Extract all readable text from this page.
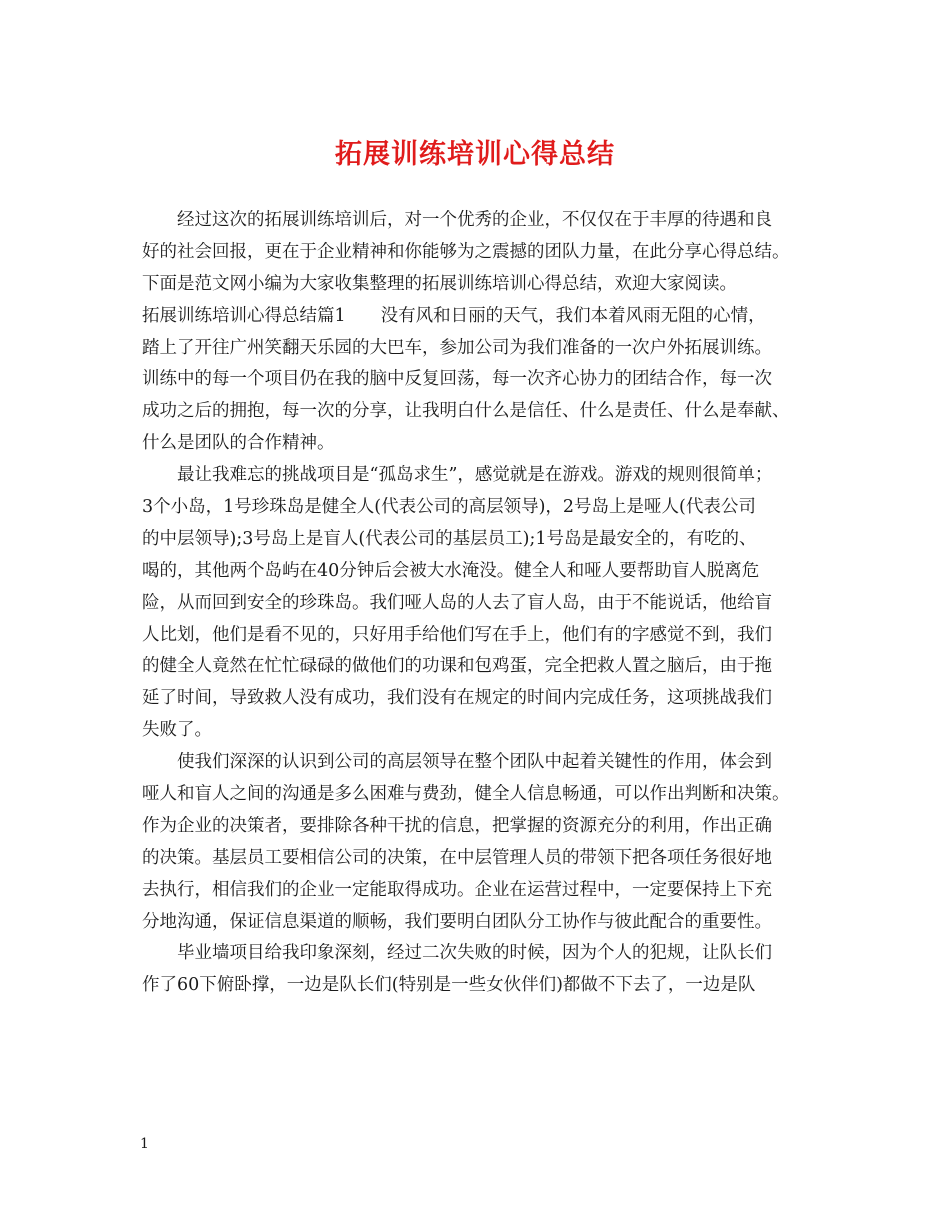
拓展训练培训心得总结
经过这次的拓展训练培训后，对一个优秀的企业，不仅仅在于丰厚的待遇和良
好的社会回报，更在于企业精神和你能够为之震撼的团队力量，在此分享心得总结。
下面是范文网小编为大家收集整理的拓展训练培训心得总结，欢迎大家阅读。
拓展训练培训心得总结篇1　　没有风和日丽的天气，我们本着风雨无阻的心情，
踏上了开往广州笑翻天乐园的大巴车，参加公司为我们准备的一次户外拓展训练。
训练中的每一个项目仍在我的脑中反复回荡，每一次齐心协力的团结合作，每一次
成功之后的拥抱，每一次的分享，让我明白什么是信任、什么是责任、什么是奉献、
什么是团队的合作精神。
最让我难忘的挑战项目是“孤岛求生”，感觉就是在游戏。游戏的规则很简单；
3个小岛，1号珍珠岛是健全人(代表公司的高层领导)，2号岛上是哑人(代表公司
的中层领导);3号岛上是盲人(代表公司的基层员工);1号岛是最安全的，有吃的、
喝的，其他两个岛屿在40分钟后会被大水淹没。健全人和哑人要帮助盲人脱离危
险，从而回到安全的珍珠岛。我们哑人岛的人去了盲人岛，由于不能说话，他给盲
人比划，他们是看不见的，只好用手给他们写在手上，他们有的字感觉不到，我们
的健全人竟然在忙忙碌碌的做他们的功课和包鸡蛋，完全把救人置之脑后，由于拖
延了时间，导致救人没有成功，我们没有在规定的时间内完成任务，这项挑战我们
失败了。
使我们深深的认识到公司的高层领导在整个团队中起着关键性的作用，体会到
哑人和盲人之间的沟通是多么困难与费劲，健全人信息畅通，可以作出判断和决策。
作为企业的决策者，要排除各种干扰的信息，把掌握的资源充分的利用，作出正确
的决策。基层员工要相信公司的决策，在中层管理人员的带领下把各项任务很好地
去执行，相信我们的企业一定能取得成功。企业在运营过程中，一定要保持上下充
分地沟通，保证信息渠道的顺畅，我们要明白团队分工协作与彼此配合的重要性。
毕业墙项目给我印象深刻，经过二次失败的时候，因为个人的犯规，让队长们
作了60下俯卧撑，一边是队长们(特别是一些女伙伴们)都做不下去了，一边是队
1
